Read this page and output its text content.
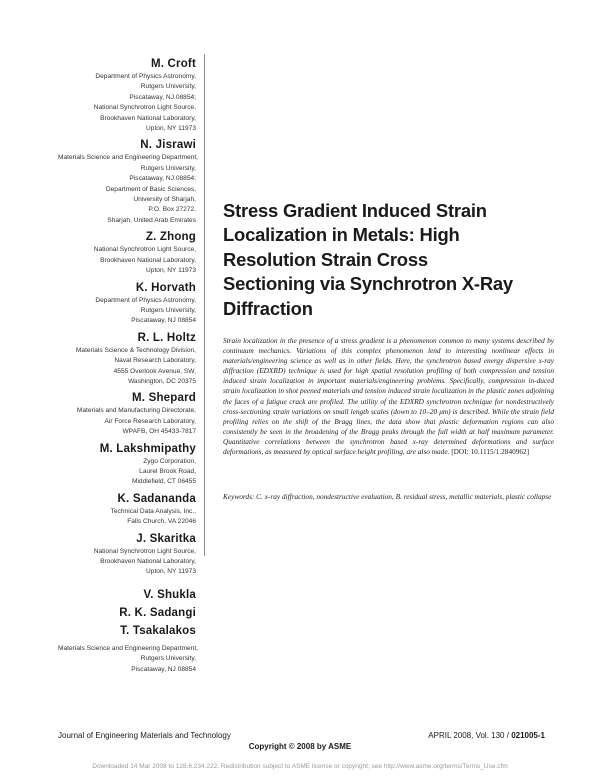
M. Croft
Department of Physics Astronomy,
Rutgers University,
Piscataway, NJ 08854;
National Synchrotron Light Source,
Brookhaven National Laboratory,
Upton, NY 11973
N. Jisrawi
Materials Science and Engineering Department,
Rutgers University,
Piscataway, NJ 08854;
Department of Basic Sciences,
University of Sharjah,
P.O. Box 27272,
Sharjah, United Arab Emirates
Z. Zhong
National Synchrotron Light Source,
Brookhaven National Laboratory,
Upton, NY 11973
K. Horvath
Department of Physics Astronomy,
Rutgers University,
Piscataway, NJ 08854
R. L. Holtz
Materials Science & Technology Division,
Naval Research Laboratory,
4555 Overlook Avenue, SW,
Washington, DC 20375
M. Shepard
Materials and Manufacturing Directorate,
Air Force Research Laboratory,
WPAFB, OH 45433-7817
M. Lakshmipathy
Zygo Corporation,
Laurel Brook Road,
Middlefield, CT 06455
K. Sadananda
Technical Data Analysis, Inc.,
Falls Church, VA 22046
J. Skaritka
National Synchrotron Light Source,
Brookhaven National Laboratory,
Upton, NY 11973
V. Shukla
R. K. Sadangi
T. Tsakalakos
Materials Science and Engineering Department,
Rutgers University,
Piscataway, NJ 08854
Stress Gradient Induced Strain
Localization in Metals: High
Resolution Strain Cross
Sectioning via Synchrotron X-Ray
Diffraction

Strain localization in the presence of a stress gradient is a phenomenon common to many systems described by continuum mechanics. Variations of this complex phenomenon lend to interesting nonlinear effects in materials/engineering science as well as in other fields. Here, the synchrotron based energy dispersive x-ray diffraction (EDXRD) technique is used for high spatial resolution profiling of both compression and tension induced strain localization in important materials/engineering problems. Specifically, compression in-duced strain localization in shot peened materials and tension induced strain localization in the plastic zones adjoining the faces of a fatigue crack are profiled. The utility of the EDXRD synchrotron technique for nondestructively cross-sectioning strain variations on small length scales (down to 10–20 μm) is described. While the strain field profiling relies on the shift of the Bragg lines, the data show that plastic deformation regions can also consistently be seen in the broadening of the Bragg peaks through the full width at half maximum parameter. Quantitative correlations between the synchrotron based x-ray determined deformations and surface deformations, as measured by optical surface height profiling, are also made. [DOI: 10.1115/1.2840962]

Keywords: C. x-ray diffraction, nondestructive evaluation, B. residual stress, metallic materials, plastic collapse

Journal of Engineering Materials and Technology	APRIL 2008, Vol. 130 / 021005-1
Copyright © 2008 by ASME
Downloaded 14 Mar 2008 to 128.6.234.222. Redistribution subject to ASME license or copyright; see http://www.asme.org/terms/Terms_Use.cfm
